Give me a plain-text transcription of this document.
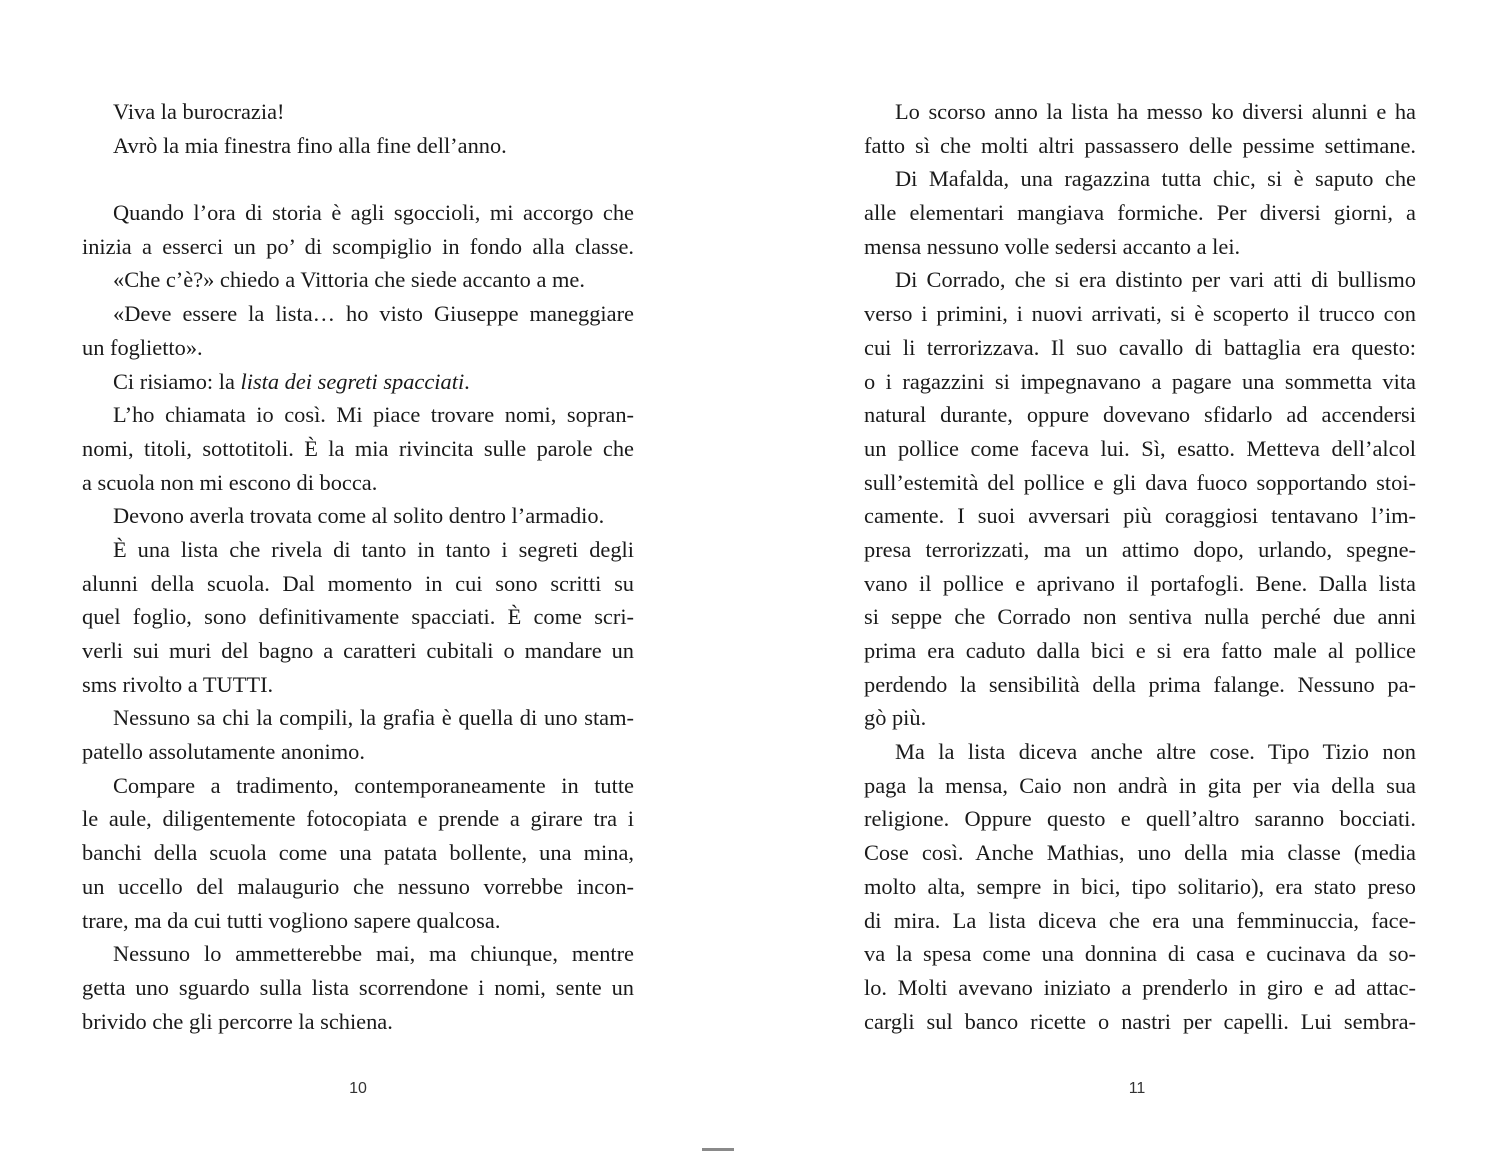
Viva la burocrazia!
Avrò la mia finestra fino alla fine dell’anno.
Quando l’ora di storia è agli sgoccioli, mi accorgo che
inizia a esserci un po’ di scompiglio in fondo alla classe.
«Che c’è?» chiedo a Vittoria che siede accanto a me.
«Deve essere la lista… ho visto Giuseppe maneggiare
un foglietto».
Ci risiamo: la lista dei segreti spacciati.
L’ho chiamata io così. Mi piace trovare nomi, sopran-
nomi, titoli, sottotitoli. È la mia rivincita sulle parole che
a scuola non mi escono di bocca.
Devono averla trovata come al solito dentro l’armadio.
È una lista che rivela di tanto in tanto i segreti degli
alunni della scuola. Dal momento in cui sono scritti su
quel foglio, sono definitivamente spacciati. È come scri-
verli sui muri del bagno a caratteri cubitali o mandare un
sms rivolto a TUTTI.
Nessuno sa chi la compili, la grafia è quella di uno stam-
patello assolutamente anonimo.
Compare a tradimento, contemporaneamente in tutte
le aule, diligentemente fotocopiata e prende a girare tra i
banchi della scuola come una patata bollente, una mina,
un uccello del malaugurio che nessuno vorrebbe incon-
trare, ma da cui tutti vogliono sapere qualcosa.
Nessuno lo ammetterebbe mai, ma chiunque, mentre
getta uno sguardo sulla lista scorrendone i nomi, sente un
brivido che gli percorre la schiena.
Lo scorso anno la lista ha messo ko diversi alunni e ha
fatto sì che molti altri passassero delle pessime settimane.
Di Mafalda, una ragazzina tutta chic, si è saputo che
alle elementari mangiava formiche. Per diversi giorni, a
mensa nessuno volle sedersi accanto a lei.
Di Corrado, che si era distinto per vari atti di bullismo
verso i primini, i nuovi arrivati, si è scoperto il trucco con
cui li terrorizzava. Il suo cavallo di battaglia era questo:
o i ragazzini si impegnavano a pagare una sommetta vita
natural durante, oppure dovevano sfidarlo ad accendersi
un pollice come faceva lui. Sì, esatto. Metteva dell’alcol
sull’estemità del pollice e gli dava fuoco sopportando stoi-
camente. I suoi avversari più coraggiosi tentavano l’im-
presa terrorizzati, ma un attimo dopo, urlando, spegne-
vano il pollice e aprivano il portafogli. Bene. Dalla lista
si seppe che Corrado non sentiva nulla perché due anni
prima era caduto dalla bici e si era fatto male al pollice
perdendo la sensibilità della prima falange. Nessuno pa-
gò più.
Ma la lista diceva anche altre cose. Tipo Tizio non
paga la mensa, Caio non andrà in gita per via della sua
religione. Oppure questo e quell’altro saranno bocciati.
Cose così. Anche Mathias, uno della mia classe (media
molto alta, sempre in bici, tipo solitario), era stato preso
di mira. La lista diceva che era una femminuccia, face-
va la spesa come una donnina di casa e cucinava da so-
lo. Molti avevano iniziato a prenderlo in giro e ad attac-
cargli sul banco ricette o nastri per capelli. Lui sembra-
10	11
